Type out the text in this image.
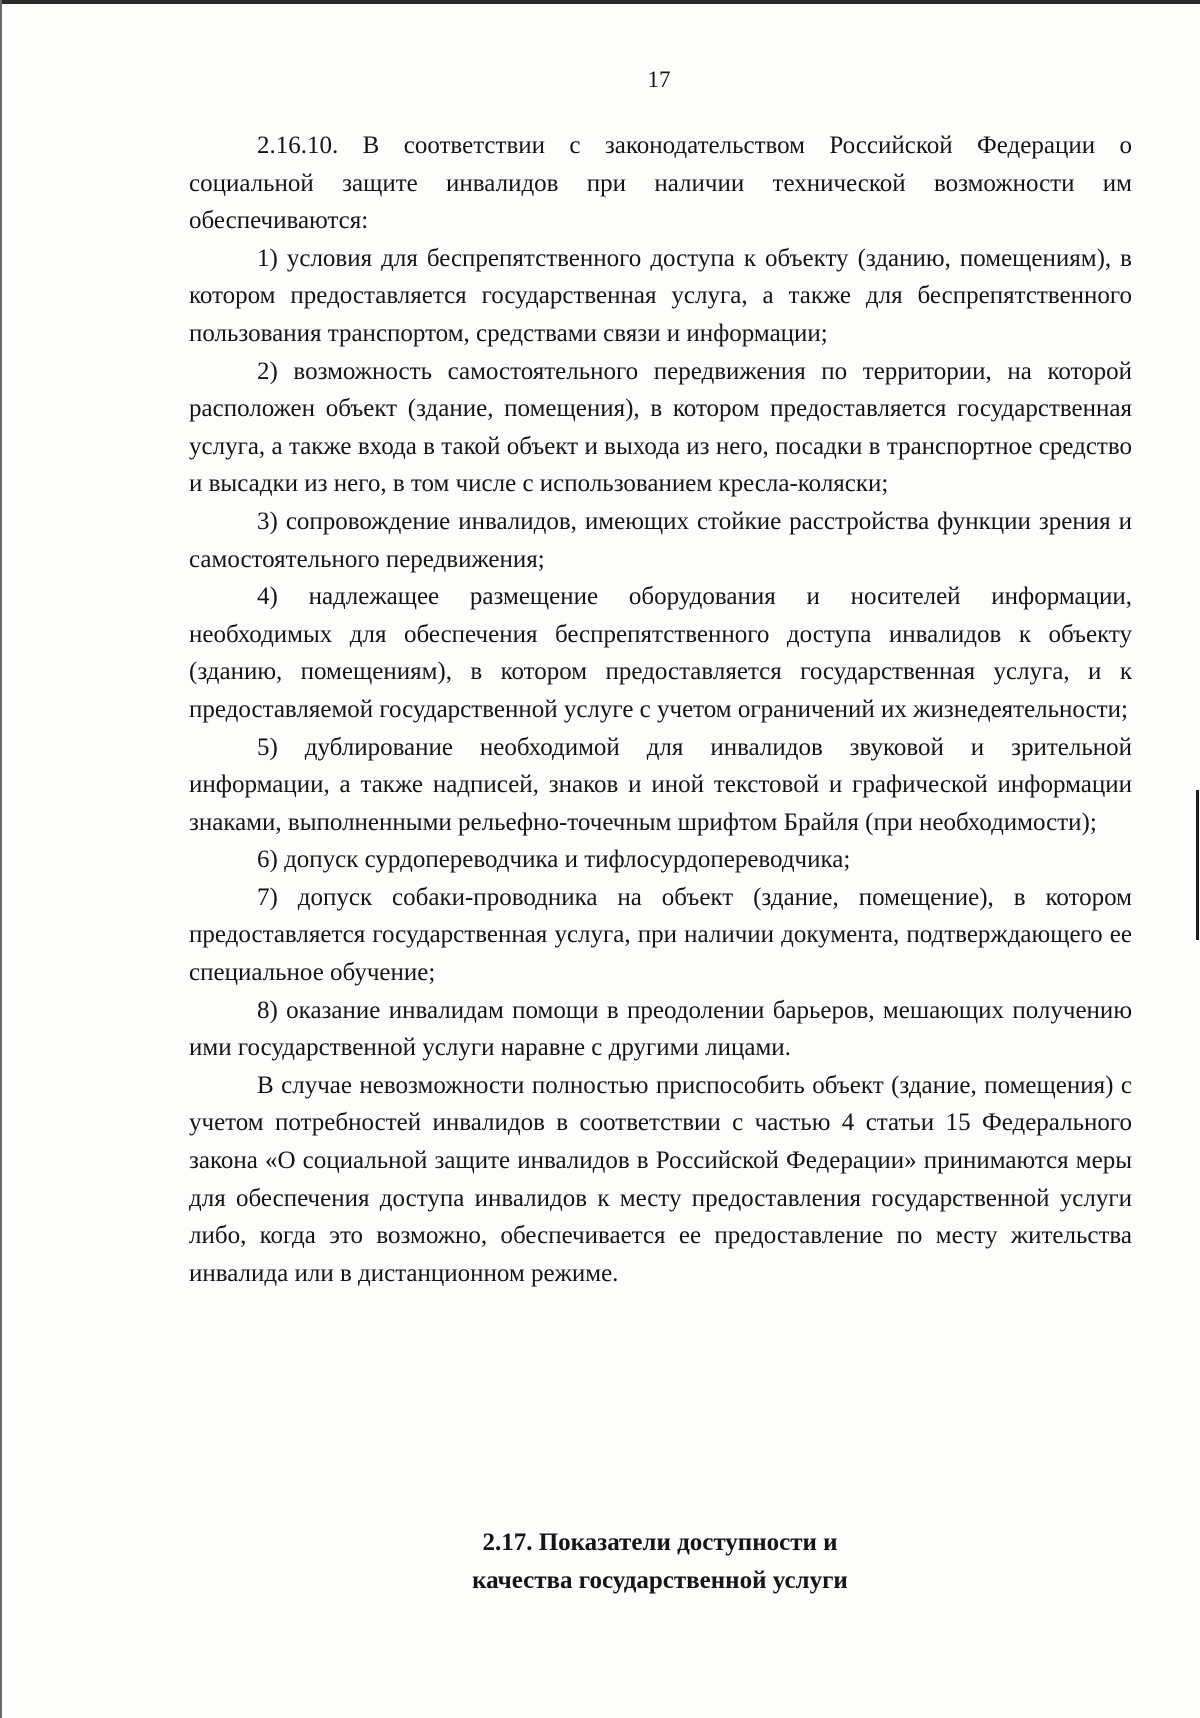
17

2.16.10. В соответствии с законодательством Российской Федерации о социальной защите инвалидов при наличии технической возможности им обеспечиваются:

1) условия для беспрепятственного доступа к объекту (зданию, помещениям), в котором предоставляется государственная услуга, а также для беспрепятственного пользования транспортом, средствами связи и информации;

2) возможность самостоятельного передвижения по территории, на которой расположен объект (здание, помещения), в котором предоставляется государственная услуга, а также входа в такой объект и выхода из него, посадки в транспортное средство и высадки из него, в том числе с использованием кресла-коляски;

3) сопровождение инвалидов, имеющих стойкие расстройства функции зрения и самостоятельного передвижения;

4) надлежащее размещение оборудования и носителей информации, необходимых для обеспечения беспрепятственного доступа инвалидов к объекту (зданию, помещениям), в котором предоставляется государственная услуга, и к предоставляемой государственной услуге с учетом ограничений их жизнедеятельности;

5) дублирование необходимой для инвалидов звуковой и зрительной информации, а также надписей, знаков и иной текстовой и графической информации знаками, выполненными рельефно-точечным шрифтом Брайля (при необходимости);

6) допуск сурдопереводчика и тифлосурдопереводчика;

7) допуск собаки-проводника на объект (здание, помещение), в котором предоставляется государственная услуга, при наличии документа, подтверждающего ее специальное обучение;

8) оказание инвалидам помощи в преодолении барьеров, мешающих получению ими государственной услуги наравне с другими лицами.

В случае невозможности полностью приспособить объект (здание, помещения) с учетом потребностей инвалидов в соответствии с частью 4 статьи 15 Федерального закона «О социальной защите инвалидов в Российской Федерации» принимаются меры для обеспечения доступа инвалидов к месту предоставления государственной услуги либо, когда это возможно, обеспечивается ее предоставление по месту жительства инвалида или в дистанционном режиме.

2.17. Показатели доступности и
качества государственной услуги
